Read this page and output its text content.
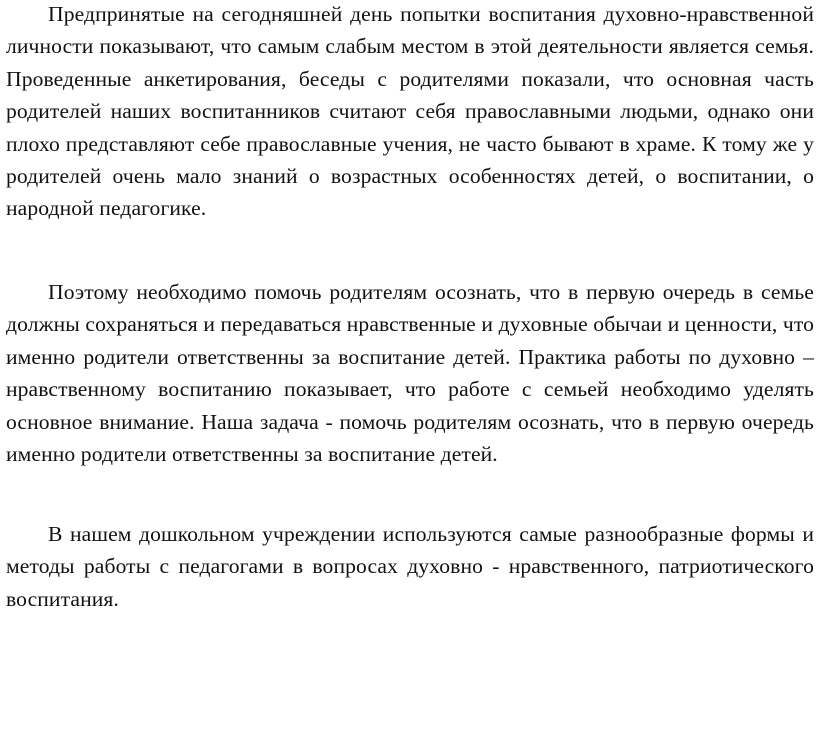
Предпринятые на сегодняшней день попытки воспитания духовно-нравственной личности показывают, что самым слабым местом в этой деятельности является семья. Проведенные анкетирования, беседы с родителями показали, что основная часть родителей наших воспитанников считают себя православными людьми, однако они плохо представляют себе православные учения, не часто бывают в храме. К тому же у родителей очень мало знаний о возрастных особенностях детей, о воспитании, о народной педагогике.

Поэтому необходимо помочь родителям осознать, что в первую очередь в семье должны сохраняться и передаваться нравственные и духовные обычаи и ценности, что именно родители ответственны за воспитание детей. Практика работы по духовно – нравственному воспитанию показывает, что работе с семьей необходимо уделять основное внимание. Наша задача - помочь родителям осознать, что в первую очередь именно родители ответственны за воспитание детей.

В нашем дошкольном учреждении используются самые разнообразные формы и методы работы с педагогами в вопросах духовно - нравственного, патриотического воспитания.
